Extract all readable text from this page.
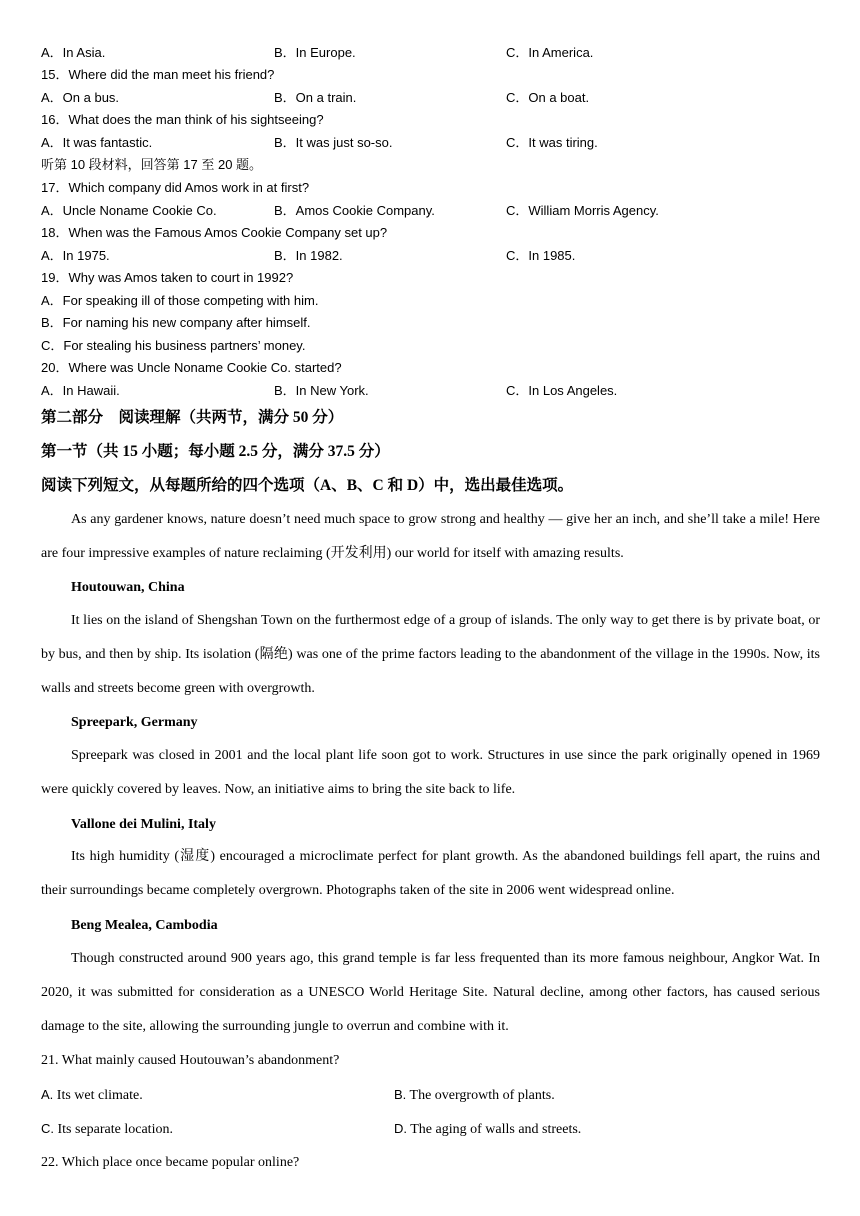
A．In Asia.	B．In Europe.	C．In America.
15．Where did the man meet his friend?
A．On a bus.	B．On a train.	C．On a boat.
16．What does the man think of his sightseeing?
A．It was fantastic.	B．It was just so-so.	C．It was tiring.
听第 10 段材料，回答第 17 至 20 题。
17．Which company did Amos work in at first?
A．Uncle Noname Cookie Co.	B．Amos Cookie Company.	C．William Morris Agency.
18．When was the Famous Amos Cookie Company set up?
A．In 1975.	B．In 1982.	C．In 1985.
19．Why was Amos taken to court in 1992?
A．For speaking ill of those competing with him.
B．For naming his new company after himself.
C．For stealing his business partners’ money.
20．Where was Uncle Noname Cookie Co. started?
A．In Hawaii.	B．In New York.	C．In Los Angeles.
第二部分　阅读理解（共两节，满分 50 分）
第一节（共 15 小题；每小题 2.5 分，满分 37.5 分）
阅读下列短文，从每题所给的四个选项（A、B、C 和 D）中，选出最佳选项。
As any gardener knows, nature doesn’t need much space to grow strong and healthy — give her an inch, and she’ll take a mile! Here are four impressive examples of nature reclaiming (开发利用) our world for itself with amazing results.
Houtouwan, China
It lies on the island of Shengshan Town on the furthermost edge of a group of islands. The only way to get there is by private boat, or by bus, and then by ship. Its isolation (隔绝) was one of the prime factors leading to the abandonment of the village in the 1990s. Now, its walls and streets become green with overgrowth.
Spreepark, Germany
Spreepark was closed in 2001 and the local plant life soon got to work. Structures in use since the park originally opened in 1969 were quickly covered by leaves. Now, an initiative aims to bring the site back to life.
Vallone dei Mulini, Italy
Its high humidity (湿度) encouraged a microclimate perfect for plant growth. As the abandoned buildings fell apart, the ruins and their surroundings became completely overgrown. Photographs taken of the site in 2006 went widespread online.
Beng Mealea, Cambodia
Though constructed around 900 years ago, this grand temple is far less frequented than its more famous neighbour, Angkor Wat. In 2020, it was submitted for consideration as a UNESCO World Heritage Site. Natural decline, among other factors, has caused serious damage to the site, allowing the surrounding jungle to overrun and combine with it.
21. What mainly caused Houtouwan’s abandonment?
A. Its wet climate.	B. The overgrowth of plants.
C. Its separate location.	D. The aging of walls and streets.
22. Which place once became popular online?
